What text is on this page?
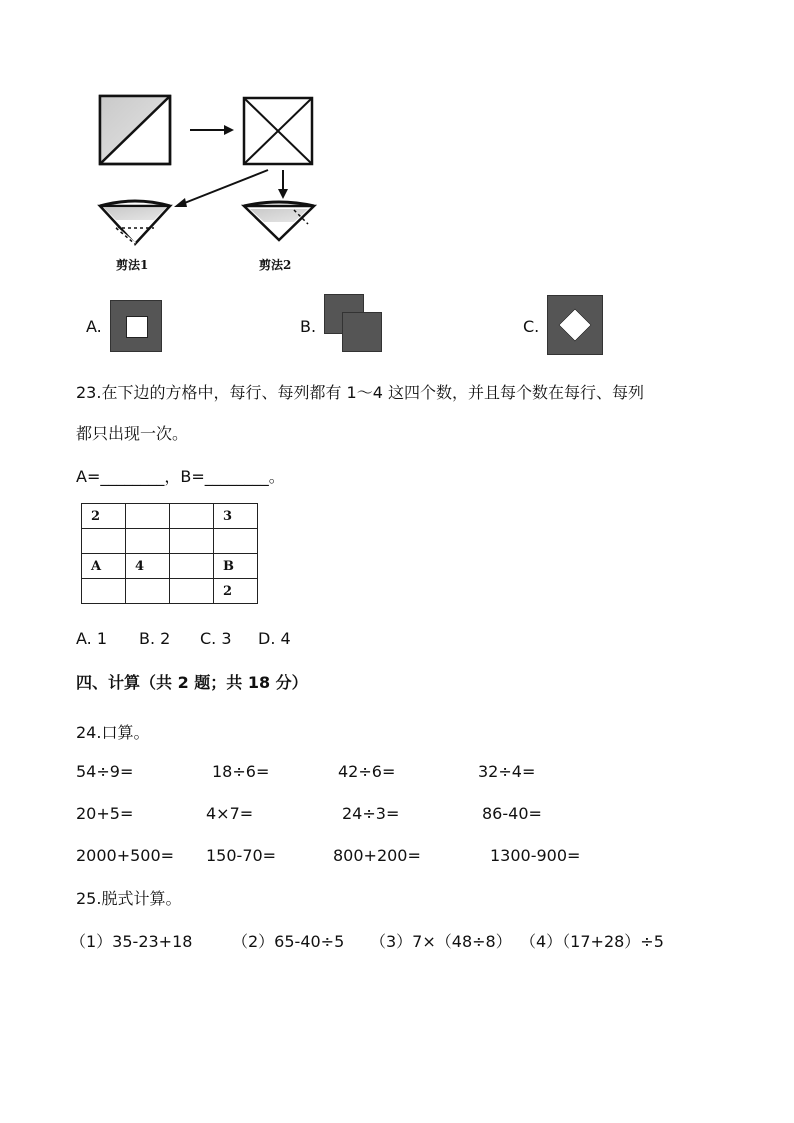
剪法1	剪法2
A.	B.	C.
23.在下边的方格中，每行、每列都有 1～4 这四个数，并且每个数在每行、每列
都只出现一次。
A=________，B=________。
2			3

A	4		B
			2
A. 1 B. 2 C. 3 D. 4
四、计算（共 2 题；共 18 分）
24.口算。
54÷9=	18÷6=	42÷6=	32÷4=
20+5=	4×7=	24÷3=	86-40=
2000+500= 150-70=	800+200=	1300-900=
25.脱式计算。
（1）35-23+18 （2）65-40÷5 （3）7×（48÷8） （4）（17+28）÷5
